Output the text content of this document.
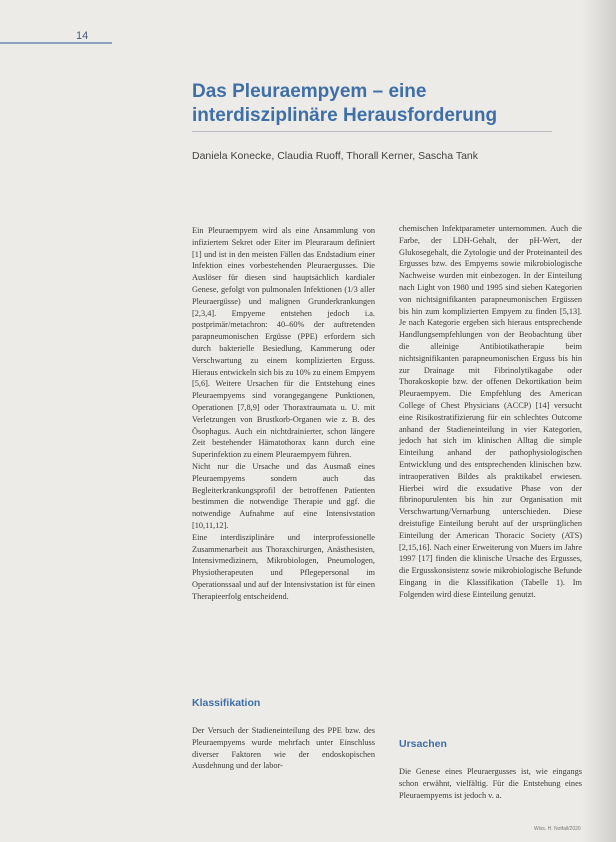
14
Das Pleuraempyem – eine interdisziplinäre Herausforderung

Daniela Konecke, Claudia Ruoff, Thorall Kerner, Sascha Tank

Ein Pleuraempyem wird als eine Ansammlung von infiziertem Sekret oder Eiter im Pleuraraum definiert [1] und ist in den meisten Fällen das Endstadium einer Infektion eines vorbestehenden Pleuraergusses. Die Auslöser für diesen sind hauptsächlich kardialer Genese, gefolgt von pulmonalen Infektionen (1/3 aller Pleuraergüsse) und malignen Grunderkrankungen [2,3,4]. Empyeme entstehen jedoch i.a. postprimär/metachron: 40–60% der auftretenden parapneumonischen Ergüsse (PPE) erfordern sich durch bakterielle Besiedlung, Kammerung oder Verschwartung zu einem komplizierten Erguss. Hieraus entwickeln sich bis zu 10% zu einem Empyem [5,6]. Weitere Ursachen für die Entstehung eines Pleuraempyems sind vorangegangene Punktionen, Operationen [7,8,9] oder Thoraxtraumata u. U. mit Verletzungen von Brustkorb-Organen wie z. B. des Ösophagus. Auch ein nichtdrainierter, schon längere Zeit bestehender Hämatothorax kann durch eine Superinfektion zu einem Pleuraempyem führen.

Nicht nur die Ursache und das Ausmaß eines Pleuraempyems sondern auch das Begleiterkrankungsprofil der betroffenen Patienten bestimmen die notwendige Therapie und ggf. die notwendige Aufnahme auf eine Intensivstation [10,11,12].

Eine interdisziplinäre und interprofessionelle Zusammenarbeit aus Thoraxchirurgen, Anästhesisten, Intensivmedizinern, Mikrobiologen, Pneumologen, Physiotherapeuten und Pflegepersonal im Operationssaal und auf der Intensivstation ist für einen Therapieerfolg entscheidend.

Klassifikation

Der Versuch der Stadieneinteilung des PPE bzw. des Pleuraempyems wurde mehrfach unter Einschluss diverser Faktoren wie der endoskopischen Ausdehnung und der labor-

chemischen Infektparameter unternommen. Auch die Farbe, der LDH-Gehalt, der pH-Wert, der Glukosegehalt, die Zytologie und der Proteinanteil des Ergusses bzw. des Empyems sowie mikrobiologische Nachweise wurden mit einbezogen. In der Einteilung nach Light von 1980 und 1995 sind sieben Kategorien von nichtsignifikanten parapneumonischen Ergüssen bis hin zum komplizierten Empyem zu finden [5,13]. Je nach Kategorie ergeben sich hieraus entsprechende Handlungsempfehlungen von der Beobachtung über die alleinige Antibiotikatherapie beim nichtsignifikanten parapneumonischen Erguss bis hin zur Drainage mit Fibrinolytikagabe oder Thorakoskopie bzw. der offenen Dekortikation beim Pleuraempyem. Die Empfehlung des American College of Chest Physicians (ACCP) [14] versucht eine Risikostratifizierung für ein schlechtes Outcome anhand der Stadieneinteilung in vier Kategorien, jedoch hat sich im klinischen Alltag die simple Einteilung anhand der pathophysiologischen Entwicklung und des entsprechenden klinischen bzw. intraoperativen Bildes als praktikabel erwiesen. Hierbei wird die exsudative Phase von der fibrinopurulenten bis hin zur Organisation mit Verschwartung/Vernarbung unterschieden. Diese dreistufige Einteilung beruht auf der ursprünglichen Einteilung der American Thoracic Society (ATS) [2,15,16]. Nach einer Erweiterung von Muers im Jahre 1997 [17] finden die klinische Ursache des Ergusses, die Ergusskonsistenz sowie mikrobiologische Befunde Eingang in die Klassifikation (Tabelle 1). Im Folgenden wird diese Einteilung genutzt.

Ursachen

Die Genese eines Pleuraergusses ist, wie eingangs schon erwähnt, vielfältig. Für die Entstehung eines Pleuraempyems ist jedoch v. a.

Wiss. H. Notfall/2020
